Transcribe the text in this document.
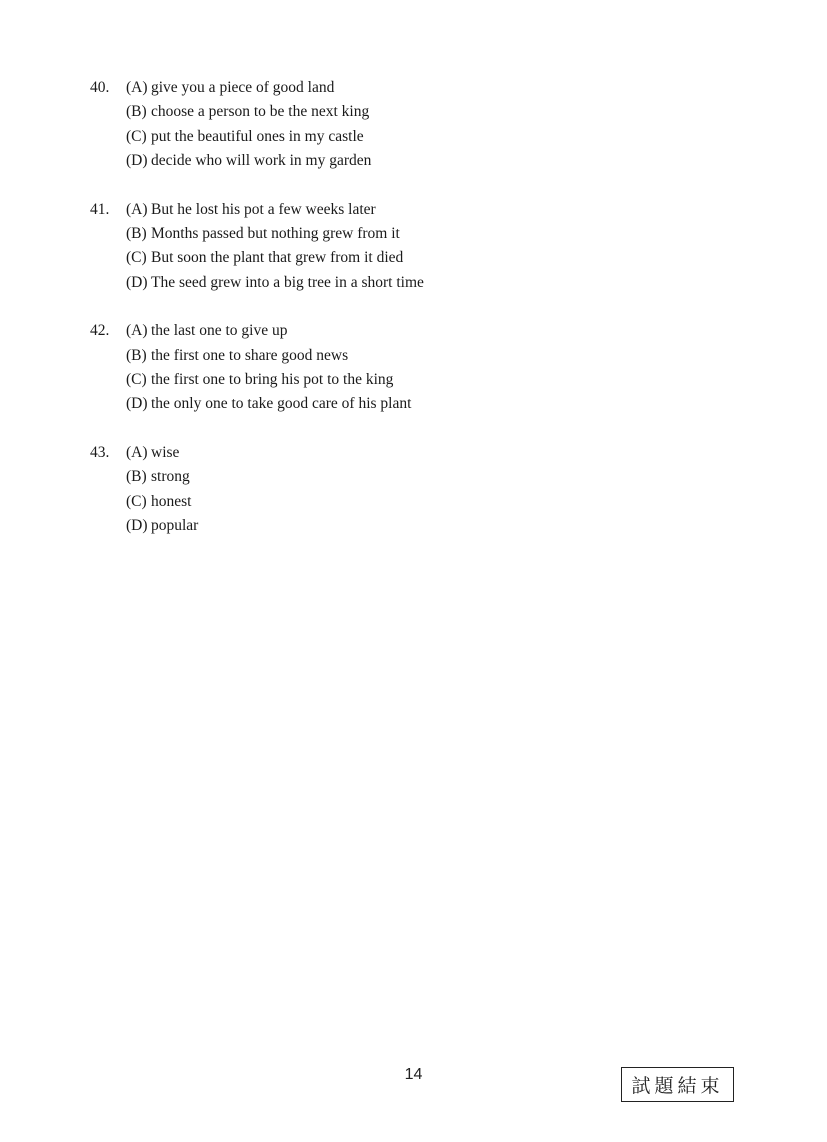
40.	(A) give you a piece of good land
(B) choose a person to be the next king
(C) put the beautiful ones in my castle
(D) decide who will work in my garden
41.	(A) But he lost his pot a few weeks later
(B) Months passed but nothing grew from it
(C) But soon the plant that grew from it died
(D) The seed grew into a big tree in a short time
42.	(A) the last one to give up
(B) the first one to share good news
(C) the first one to bring his pot to the king
(D) the only one to take good care of his plant
43.	(A) wise
(B) strong
(C) honest
(D) popular
14
試題結束
